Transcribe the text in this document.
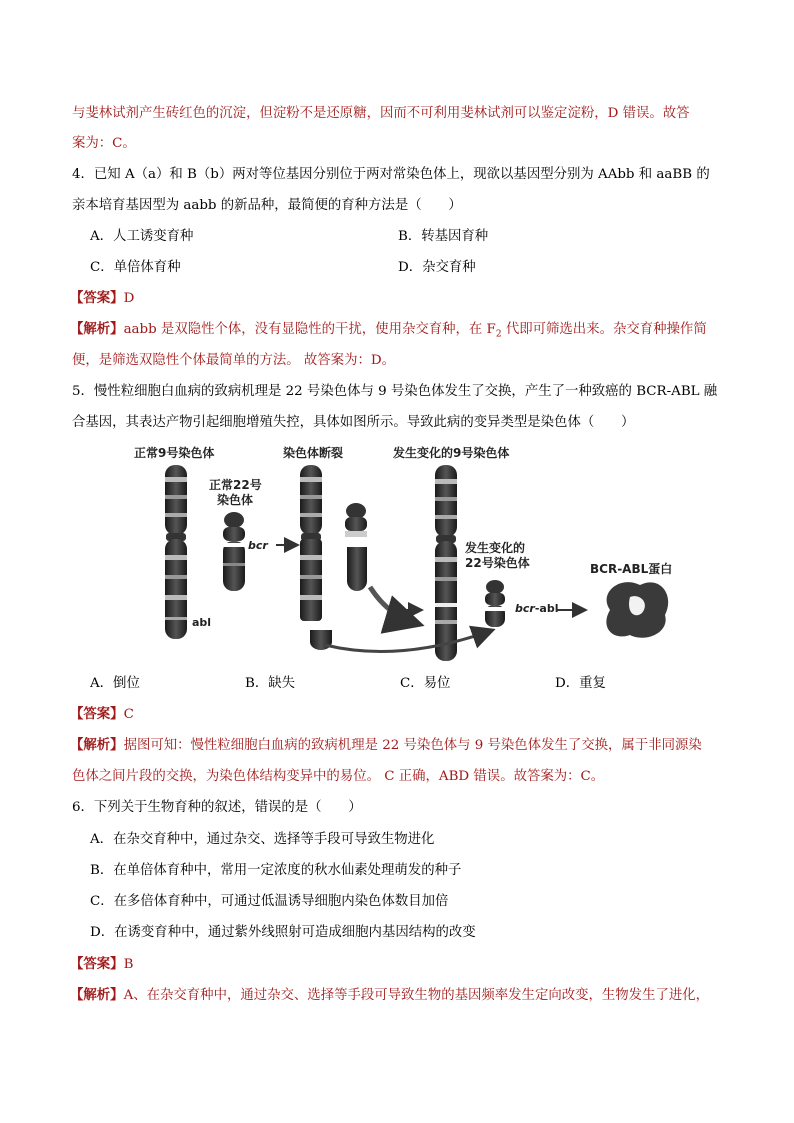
与斐林试剂产生砖红色的沉淀，但淀粉不是还原糖，因而不可利用斐林试剂可以鉴定淀粉，D 错误。故答
案为：C。
4．已知 A（a）和 B（b）两对等位基因分别位于两对常染色体上，现欲以基因型分别为 AAbb 和 aaBB 的
亲本培育基因型为 aabb 的新品种，最简便的育种方法是（　　）
A．人工诱变育种	B．转基因育种
C．单倍体育种	D．杂交育种
【答案】D
【解析】aabb 是双隐性个体，没有显隐性的干扰，使用杂交育种，在 $F_2$ 代即可筛选出来。杂交育种操作简
便，是筛选双隐性个体最简单的方法。 故答案为：D。
5．慢性粒细胞白血病的致病机理是 22 号染色体与 9 号染色体发生了交换，产生了一种致癌的 BCR-ABL 融
合基因，其表达产物引起细胞增殖失控，具体如图所示。导致此病的变异类型是染色体（　　）
正常9号染色体
正常22号
染色体
染色体断裂	发生变化的9号染色体
发生变化的
22号染色体	BCR-ABL蛋白
bcr
abl
bcr-abl
A．倒位	B．缺失	C．易位	D．重复
【答案】C
【解析】据图可知：慢性粒细胞白血病的致病机理是 22 号染色体与 9 号染色体发生了交换，属于非同源染
色体之间片段的交换，为染色体结构变异中的易位。 C 正确，ABD 错误。故答案为：C。
6．下列关于生物育种的叙述，错误的是（　　）
A．在杂交育种中，通过杂交、选择等手段可导致生物进化
B．在单倍体育种中，常用一定浓度的秋水仙素处理萌发的种子
C．在多倍体育种中，可通过低温诱导细胞内染色体数目加倍
D．在诱变育种中，通过紫外线照射可造成细胞内基因结构的改变
【答案】B
【解析】A、在杂交育种中，通过杂交、选择等手段可导致生物的基因频率发生定向改变，生物发生了进化，
